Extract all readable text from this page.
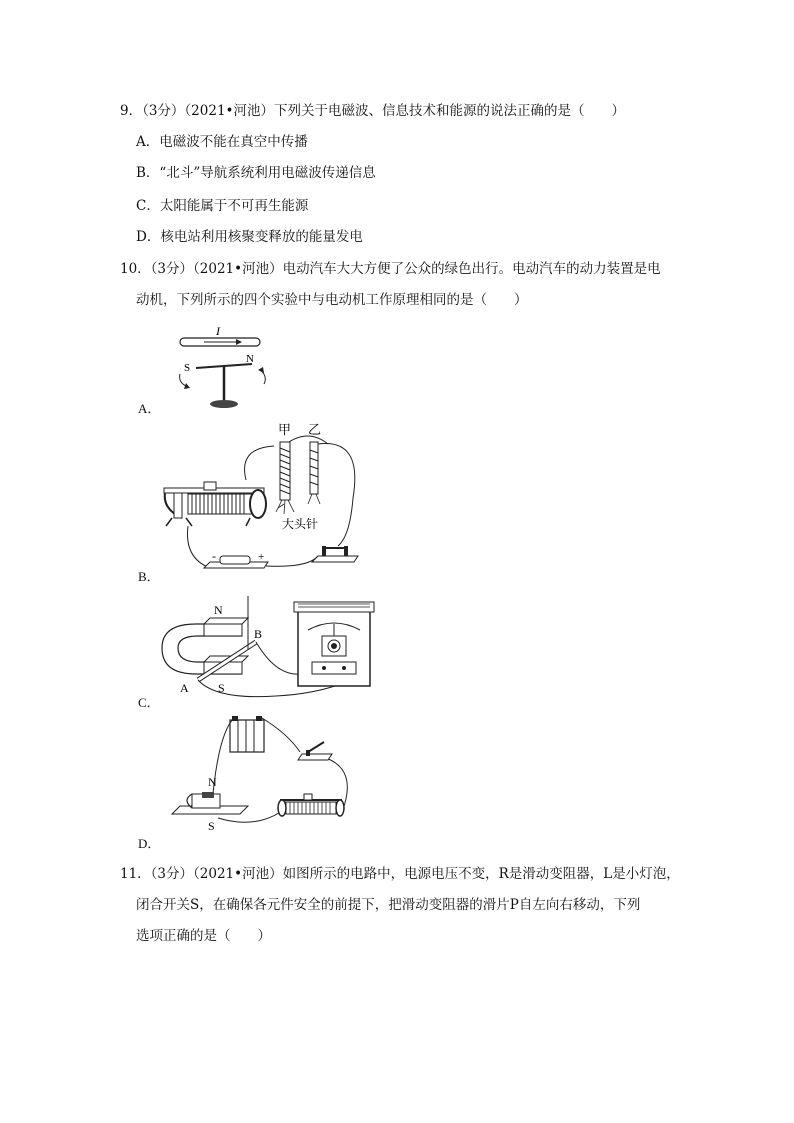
9．（3分）（2021•河池）下列关于电磁波、信息技术和能源的说法正确的是（　　）
A．电磁波不能在真空中传播
B．“北斗”导航系统利用电磁波传递信息
C．太阳能属于不可再生能源
D．核电站利用核聚变释放的能量发电
10．（3分）（2021•河池）电动汽车大大方便了公众的绿色出行。电动汽车的动力装置是电
动机，下列所示的四个实验中与电动机工作原理相同的是（　　）
A．
I
S
N
B．
甲 乙
大头针
-	+
C．
N
S
A
B
D．
N
S
11．（3分）（2021•河池）如图所示的电路中，电源电压不变，R是滑动变阻器，L是小灯泡，
闭合开关S，在确保各元件安全的前提下，把滑动变阻器的滑片P自左向右移动，下列
选项正确的是（　　）
